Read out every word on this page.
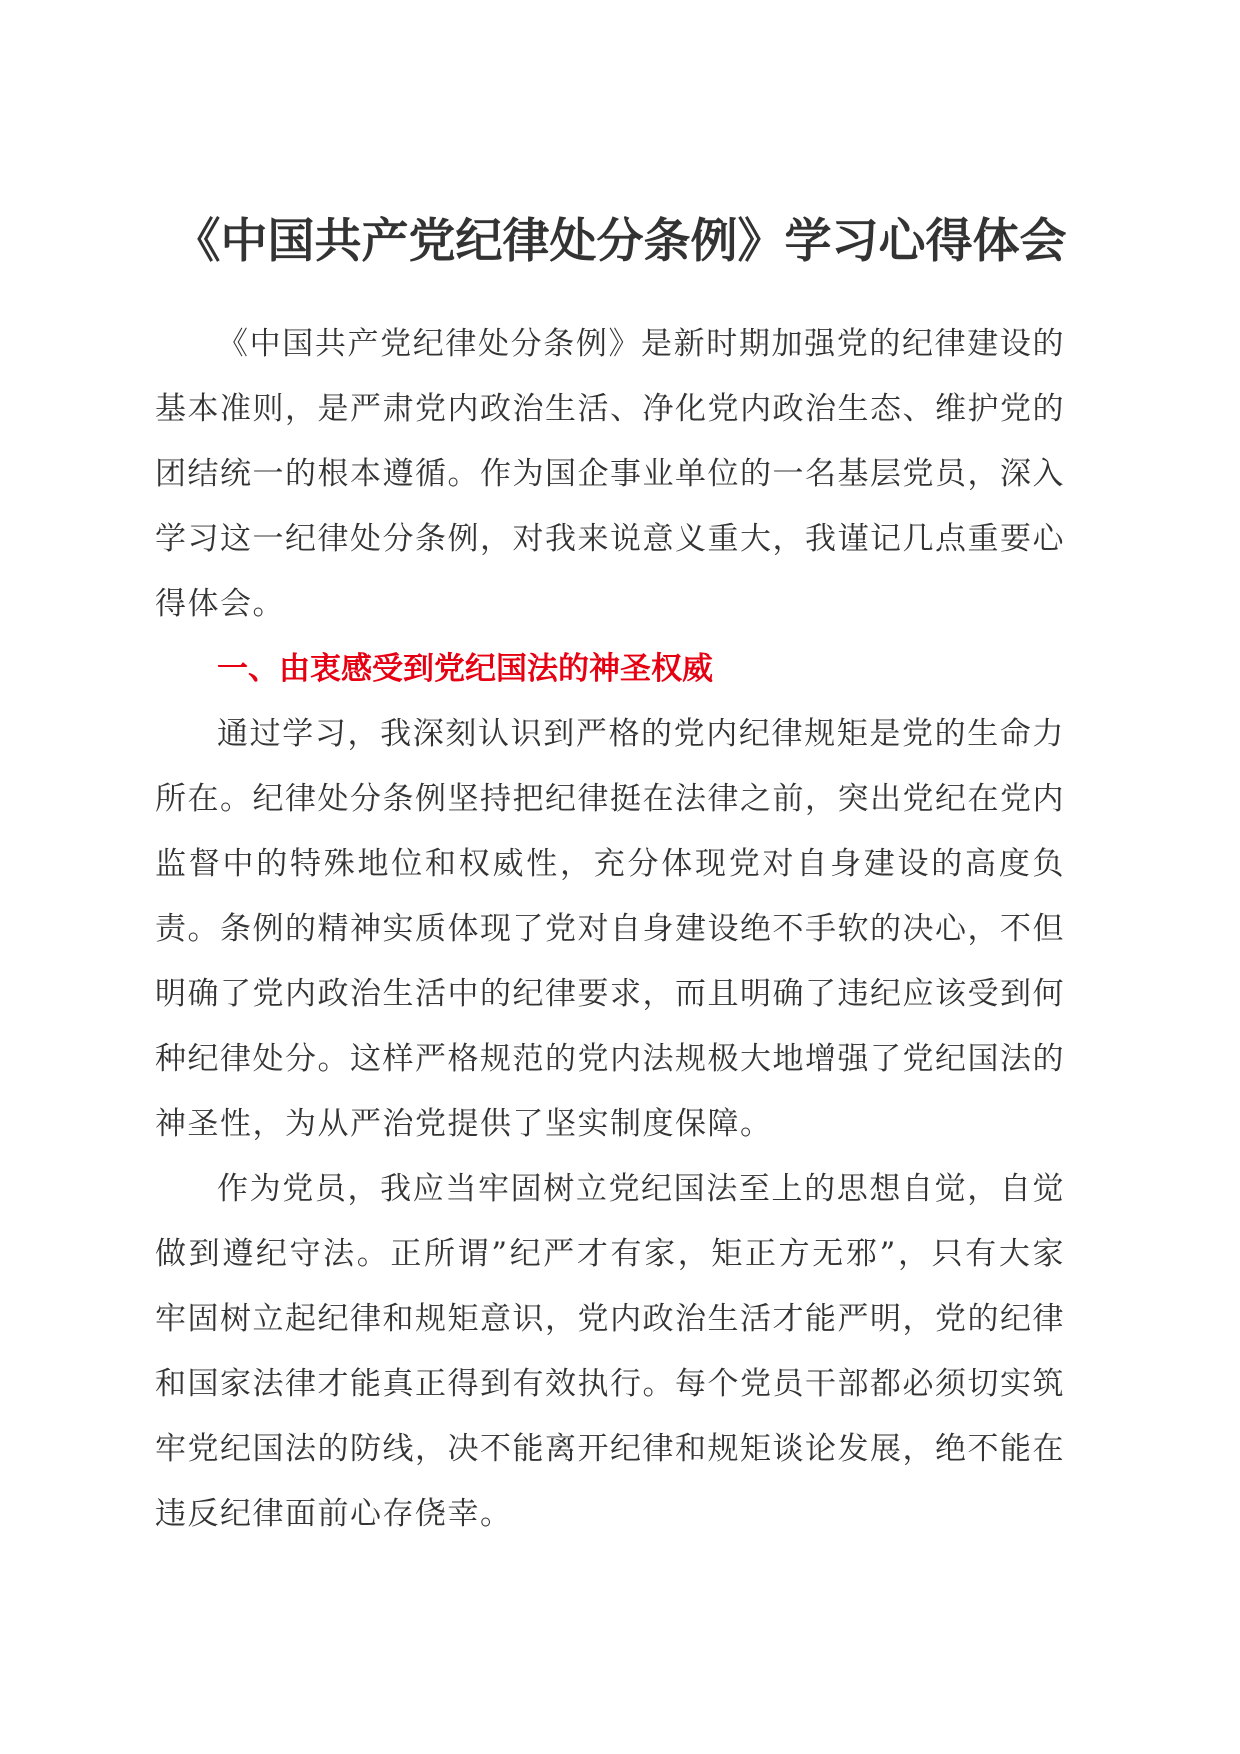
《中国共产党纪律处分条例》学习心得体会

《中国共产党纪律处分条例》是新时期加强党的纪律建设的基本准则，是严肃党内政治生活、净化党内政治生态、维护党的团结统一的根本遵循。作为国企事业单位的一名基层党员，深入学习这一纪律处分条例，对我来说意义重大，我谨记几点重要心得体会。

一、由衷感受到党纪国法的神圣权威

通过学习，我深刻认识到严格的党内纪律规矩是党的生命力所在。纪律处分条例坚持把纪律挺在法律之前，突出党纪在党内监督中的特殊地位和权威性，充分体现党对自身建设的高度负责。条例的精神实质体现了党对自身建设绝不手软的决心，不但明确了党内政治生活中的纪律要求，而且明确了违纪应该受到何种纪律处分。这样严格规范的党内法规极大地增强了党纪国法的神圣性，为从严治党提供了坚实制度保障。

作为党员，我应当牢固树立党纪国法至上的思想自觉，自觉做到遵纪守法。正所谓”纪严才有家，矩正方无邪”，只有大家牢固树立起纪律和规矩意识，党内政治生活才能严明，党的纪律和国家法律才能真正得到有效执行。每个党员干部都必须切实筑牢党纪国法的防线，决不能离开纪律和规矩谈论发展，绝不能在违反纪律面前心存侥幸。
